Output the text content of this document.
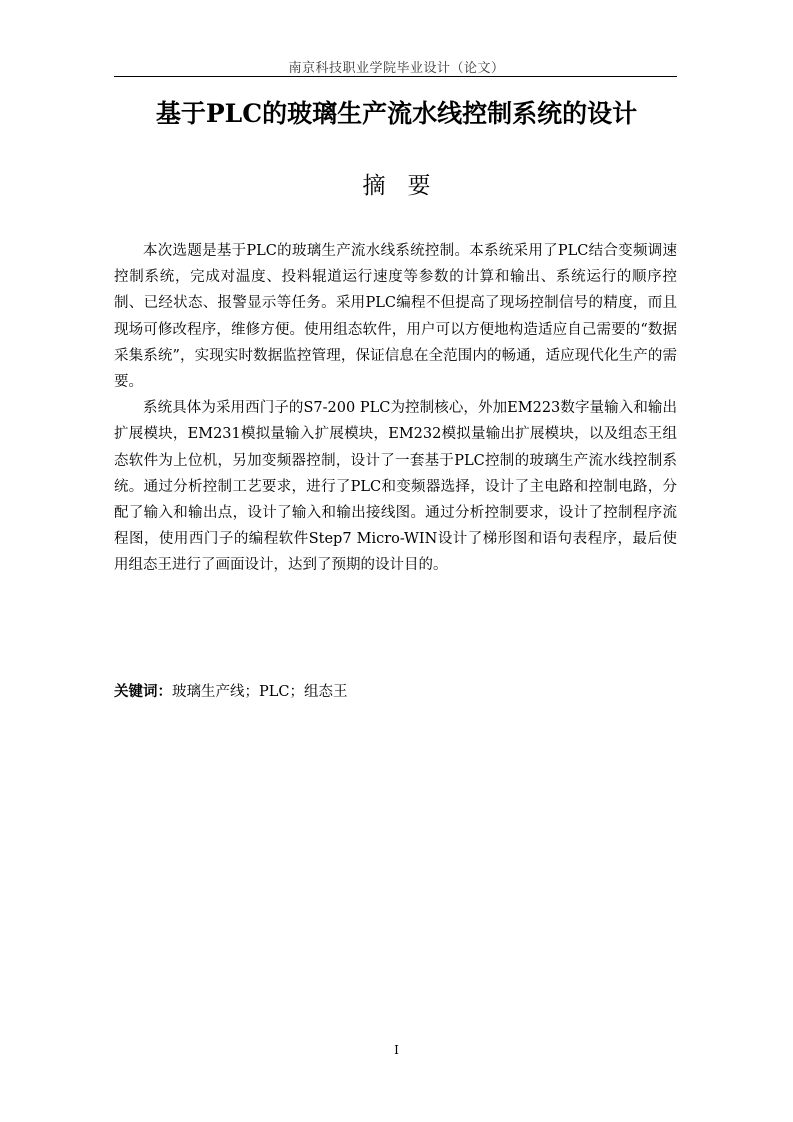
南京科技职业学院毕业设计（论文）
基于PLC的玻璃生产流水线控制系统的设计
摘要

本次选题是基于PLC的玻璃生产流水线系统控制。本系统采用了PLC结合变频调速控制系统，完成对温度、投料辊道运行速度等参数的计算和输出、系统运行的顺序控制、已经状态、报警显示等任务。采用PLC编程不但提高了现场控制信号的精度，而且现场可修改程序，维修方便。使用组态软件，用户可以方便地构造适应自己需要的“数据采集系统”，实现实时数据监控管理，保证信息在全范围内的畅通，适应现代化生产的需要。

系统具体为采用西门子的S7-200 PLC为控制核心，外加EM223数字量输入和输出扩展模块，EM231模拟量输入扩展模块，EM232模拟量输出扩展模块，以及组态王组态软件为上位机，另加变频器控制，设计了一套基于PLC控制的玻璃生产流水线控制系统。通过分析控制工艺要求，进行了PLC和变频器选择，设计了主电路和控制电路，分配了输入和输出点，设计了输入和输出接线图。通过分析控制要求，设计了控制程序流程图，使用西门子的编程软件Step7 Micro-WIN设计了梯形图和语句表程序，最后使用组态王进行了画面设计，达到了预期的设计目的。

关键词：玻璃生产线；PLC；组态王

I
